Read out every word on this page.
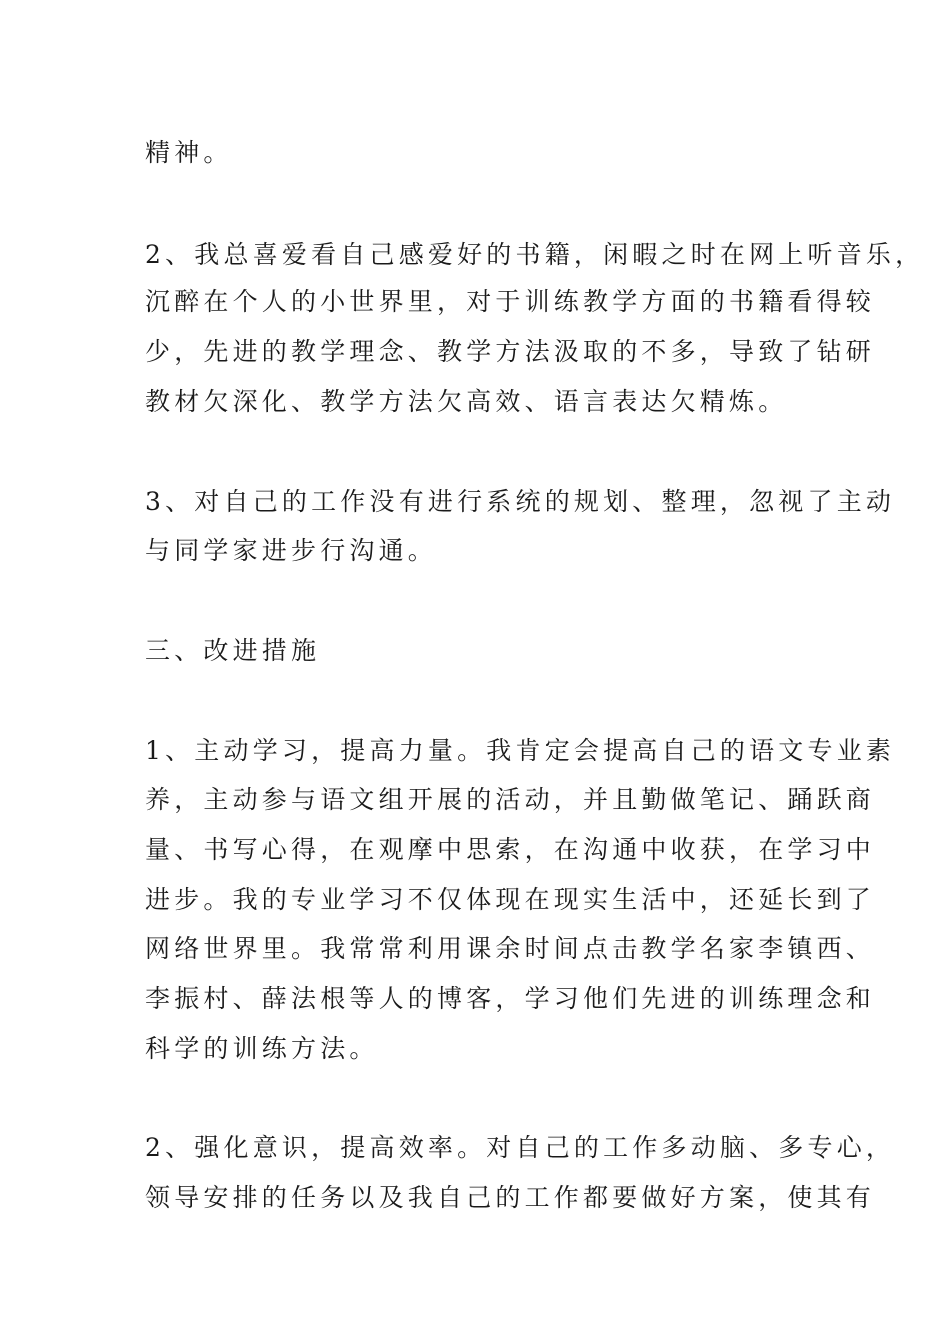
精神。
2、我总喜爱看自己感爱好的书籍，闲暇之时在网上听音乐，
沉醉在个人的小世界里，对于训练教学方面的书籍看得较
少，先进的教学理念、教学方法汲取的不多，导致了钻研
教材欠深化、教学方法欠高效、语言表达欠精炼。
3、对自己的工作没有进行系统的规划、整理，忽视了主动
与同学家进步行沟通。
三、改进措施
1、主动学习，提高力量。我肯定会提高自己的语文专业素
养，主动参与语文组开展的活动，并且勤做笔记、踊跃商
量、书写心得，在观摩中思索，在沟通中收获，在学习中
进步。我的专业学习不仅体现在现实生活中，还延长到了
网络世界里。我常常利用课余时间点击教学名家李镇西、
李振村、薛法根等人的博客，学习他们先进的训练理念和
科学的训练方法。
2、强化意识，提高效率。对自己的工作多动脑、多专心，
领导安排的任务以及我自己的工作都要做好方案，使其有
